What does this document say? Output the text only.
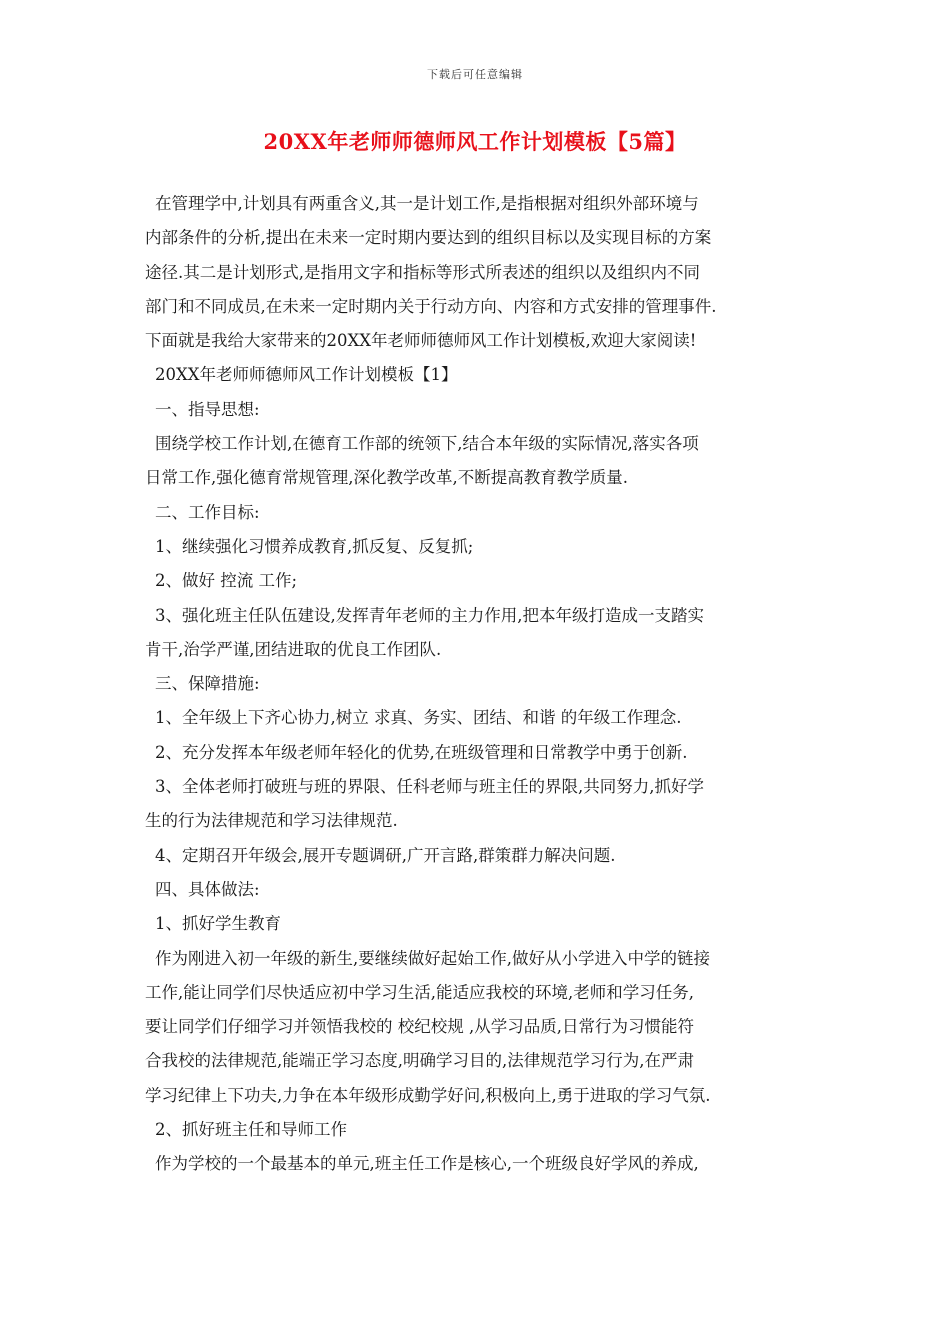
下载后可任意编辑
20XX年老师师德师风工作计划模板【5篇】
在管理学中,计划具有两重含义,其一是计划工作,是指根据对组织外部环境与
内部条件的分析,提出在未来一定时期内要达到的组织目标以及实现目标的方案
途径.其二是计划形式,是指用文字和指标等形式所表述的组织以及组织内不同
部门和不同成员,在未来一定时期内关于行动方向、内容和方式安排的管理事件.
下面就是我给大家带来的20XX年老师师德师风工作计划模板,欢迎大家阅读!
20XX年老师师德师风工作计划模板【1】
一、指导思想:
围绕学校工作计划,在德育工作部的统领下,结合本年级的实际情况,落实各项
日常工作,强化德育常规管理,深化教学改革,不断提高教育教学质量.
二、工作目标:
1、继续强化习惯养成教育,抓反复、反复抓;
2、做好 控流 工作;
3、强化班主任队伍建设,发挥青年老师的主力作用,把本年级打造成一支踏实
肯干,治学严谨,团结进取的优良工作团队.
三、保障措施:
1、全年级上下齐心协力,树立 求真、务实、团结、和谐 的年级工作理念.
2、充分发挥本年级老师年轻化的优势,在班级管理和日常教学中勇于创新.
3、全体老师打破班与班的界限、任科老师与班主任的界限,共同努力,抓好学
生的行为法律规范和学习法律规范.
4、定期召开年级会,展开专题调研,广开言路,群策群力解决问题.
四、具体做法:
1、抓好学生教育
作为刚进入初一年级的新生,要继续做好起始工作,做好从小学进入中学的链接
工作,能让同学们尽快适应初中学习生活,能适应我校的环境,老师和学习任务,
要让同学们仔细学习并领悟我校的 校纪校规 ,从学习品质,日常行为习惯能符
合我校的法律规范,能端正学习态度,明确学习目的,法律规范学习行为,在严肃
学习纪律上下功夫,力争在本年级形成勤学好问,积极向上,勇于进取的学习气氛.
2、抓好班主任和导师工作
作为学校的一个最基本的单元,班主任工作是核心,一个班级良好学风的养成,
